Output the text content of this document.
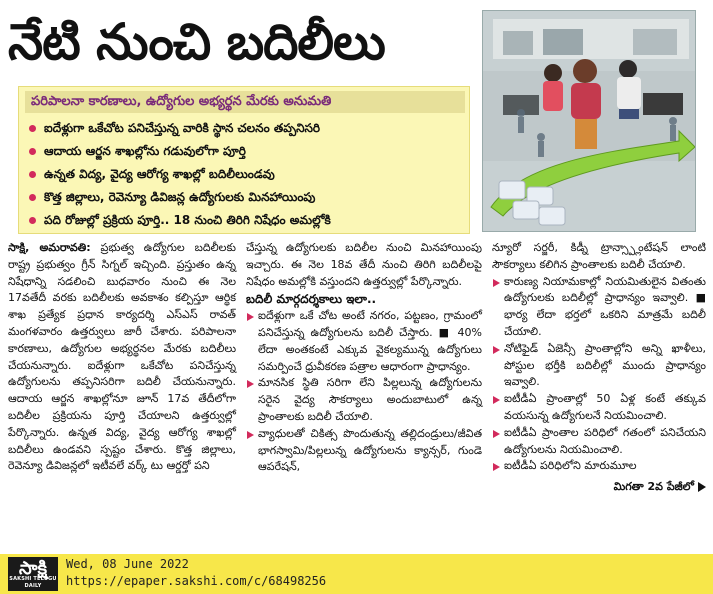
నేటి నుంచి బదిలీలు
పరిపాలనా కారణాలు, ఉద్యోగుల అభ్యర్థన మేరకు అనుమతి
ఐదేళ్లుగా ఒకేచోట పనిచేస్తున్న వారికి స్థాన చలనం తప్పనిసరి
ఆదాయ ఆర్జన శాఖల్లోను గడువులోగా పూర్తి
ఉన్నత విద్య, వైద్య ఆరోగ్య శాఖల్లో బదిలీలుండవు
కొత్త జిల్లాలు, రెవెన్యూ డివిజన్ల ఉద్యోగులకు మినహాయింపు
పది రోజుల్లో ప్రక్రియ పూర్తి.. 18 నుంచి తిరిగి నిషేధం అమల్లోకి

సాక్షి, అమరావతి: ప్రభుత్వ ఉద్యోగుల బదిలీలకు రాష్ట్ర ప్రభుత్వం గ్రీన్ సిగ్నల్ ఇచ్చింది. ప్రస్తుతం ఉన్న నిషేధాన్ని సడలించి బుధవారం నుంచి ఈ నెల 17వతేదీ వరకు బదిలీలకు అవకాశం కల్పిస్తూ ఆర్థిక శాఖ ప్రత్యేక ప్రధాన కార్యదర్శి ఎస్ఎస్ రావత్ మంగళవారం ఉత్తర్వులు జారీ చేశారు. పరిపాలనా కారణాలు, ఉద్యోగుల అభ్యర్థనల మేరకు బదిలీలు చేయనున్నారు. ఐదేళ్లుగా ఒకేచోట పనిచేస్తున్న ఉద్యోగులను తప్పనిసరిగా బదిలీ చేయనున్నారు. ఆదాయ ఆర్జన శాఖల్లోనూ జూన్ 17వ తేదీలోగా బదిలీల ప్రక్రియను పూర్తి చేయాలని ఉత్తర్వుల్లో పేర్కొన్నారు. ఉన్నత విద్య, వైద్య ఆరోగ్య శాఖల్లో బదిలీలు ఉండవని స్పష్టం చేశారు. కొత్త జిల్లాలు, రెవెన్యూ డివిజన్లలో ఇటీవలే వర్క్ టు ఆర్డర్తో పని

చేస్తున్న ఉద్యోగులకు బదిలీల నుంచి మినహాయింపు ఇచ్చారు. ఈ నెల 18వ తేదీ నుంచి తిరిగి బదిలీలపై నిషేధం అమల్లోకి వస్తుందని ఉత్తర్వుల్లో పేర్కొన్నారు.

బదిలీ మార్గదర్శకాలు ఇలా..

ఐదేళ్లుగా ఒకే చోట అంటే నగరం, పట్టణం, గ్రామంలో పనిచేస్తున్న ఉద్యోగులను బదిలీ చేస్తారు. ■ 40% లేదా అంతకంటే ఎక్కువ వైకల్యమున్న ఉద్యోగులు సమర్పించే ధ్రువీకరణ పత్రాల ఆధారంగా ప్రాధాన్యం.

మానసిక స్థితి సరిగా లేని పిల్లలున్న ఉద్యోగులను సరైన వైద్య సౌకర్యాలు అందుబాటులో ఉన్న ప్రాంతాలకు బదిలీ చేయాలి.

వ్యాధులతో చికిత్స పొందుతున్న తల్లిదండ్రులు/జీవిత భాగస్వామి/పిల్లలున్న ఉద్యోగులను క్యాన్సర్, గుండె ఆపరేషన్,

న్యూరో సర్జరీ, కిడ్నీ ట్రాన్స్ప్లాంటేషన్ లాంటి సౌకర్యాలు కలిగిన ప్రాంతాలకు బదిలీ చేయాలి.

కారుణ్య నియామకాల్లో నియమితులైన వితంతు ఉద్యోగులకు బదిలీల్లో ప్రాధాన్యం ఇవ్వాలి. ■ భార్య లేదా భర్తలో ఒకరిని మాత్రమే బదిలీ చేయాలి.

నోటిఫైడ్ ఏజెన్సీ ప్రాంతాల్లోని అన్ని ఖాళీలు, పోస్టుల భర్తీకి బదిలీల్లో ముందు ప్రాధాన్యం ఇవ్వాలి.

ఐటీడీఏ ప్రాంతాల్లో 50 ఏళ్ల కంటే తక్కువ వయసున్న ఉద్యోగులనే నియమించాలి.

ఐటీడీఏ ప్రాంతాల పరిధిలో గతంలో పనిచేయని ఉద్యోగులను నియమించాలి.

ఐటీడీఏ పరిధిలోని మారుమూల

మిగతా 2వ పేజీలో
సాక్షి
SAKSHI TELUGU DAILY
Wed, 08 June 2022
https://epaper.sakshi.com/c/68498256
